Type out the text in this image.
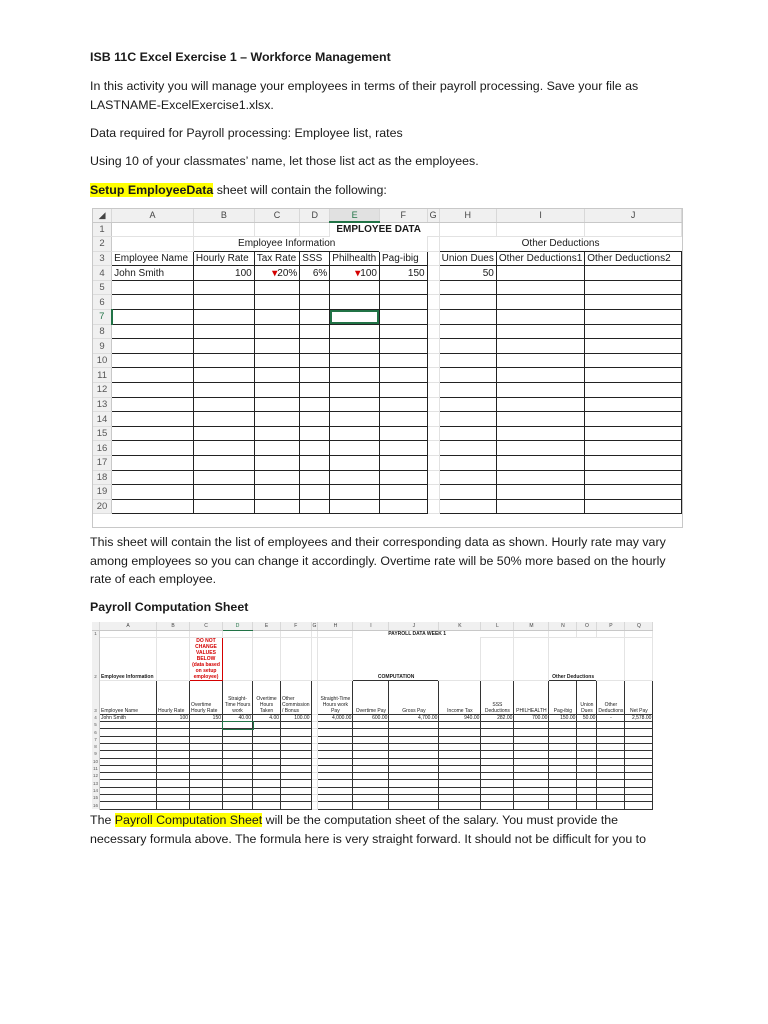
ISB 11C Excel Exercise 1 – Workforce Management
In this activity you will manage your employees in terms of their payroll processing. Save your file as
LASTNAME-ExcelExercise1.xlsx.
Data required for Payroll processing: Employee list, rates
Using 10 of your classmates’ name, let those list act as the employees.
Setup EmployeeData sheet will contain the following:
This sheet will contain the list of employees and their corresponding data as shown. Hourly rate may vary
among employees so you can change it accordingly. Overtime rate will be 50% more based on the hourly
rate of each employee.
Payroll Computation Sheet
The Payroll Computation Sheet will be the computation sheet of the salary. You must provide the
necessary formula above. The formula here is very straight forward. It should not be difficult for you to
◢	A	B	C	D	E	F	G	H	I	J
1					EMPLOYEE DATA					
2		Employee Information						Other Deductions		
3	Employee Name	Hourly Rate	Tax Rate	SSS	Philhealth	Pag-ibig		Union Dues	Other Deductions1	Other Deductions2
4	John Smith	100	▾20%	6%	▾100	150		50		
5										
6										
7										
8										
9										
10										
11										
12										
13										
14										
15										
16										
17										
18										
19										
20										
	A	B	C	D	E	F	G	H	I	J	K	L	M	N	O	P	Q
1									PAYROLL DATA WEEK 1								
2	Employee Information		DO NOT CHANGE VALUES BELOW (data based on setup employee)						COMPUTATION					Other Deductions			
3	Employee Name	Hourly Rate	Overtime Hourly Rate	Straight-Time Hours work	Overtime Hours Taken	Other Commission / Bonus		Straight-Time Hours work Pay	Overtime Pay	Gross Pay	Income Tax	SSS Deductions	PHILHEALTH	Pag-ibig	Union Dues	Other Deductions	Net Pay
4	John Smith	100	150	40.00	4.00	100.00		4,000.00	600.00	4,700.00	940.00	282.00	700.00	150.00	50.00	-	2,578.00
5																	
6																	
7																	
8																	
9																	
10																	
11																	
12																	
13																	
14																	
15																	
16																	
